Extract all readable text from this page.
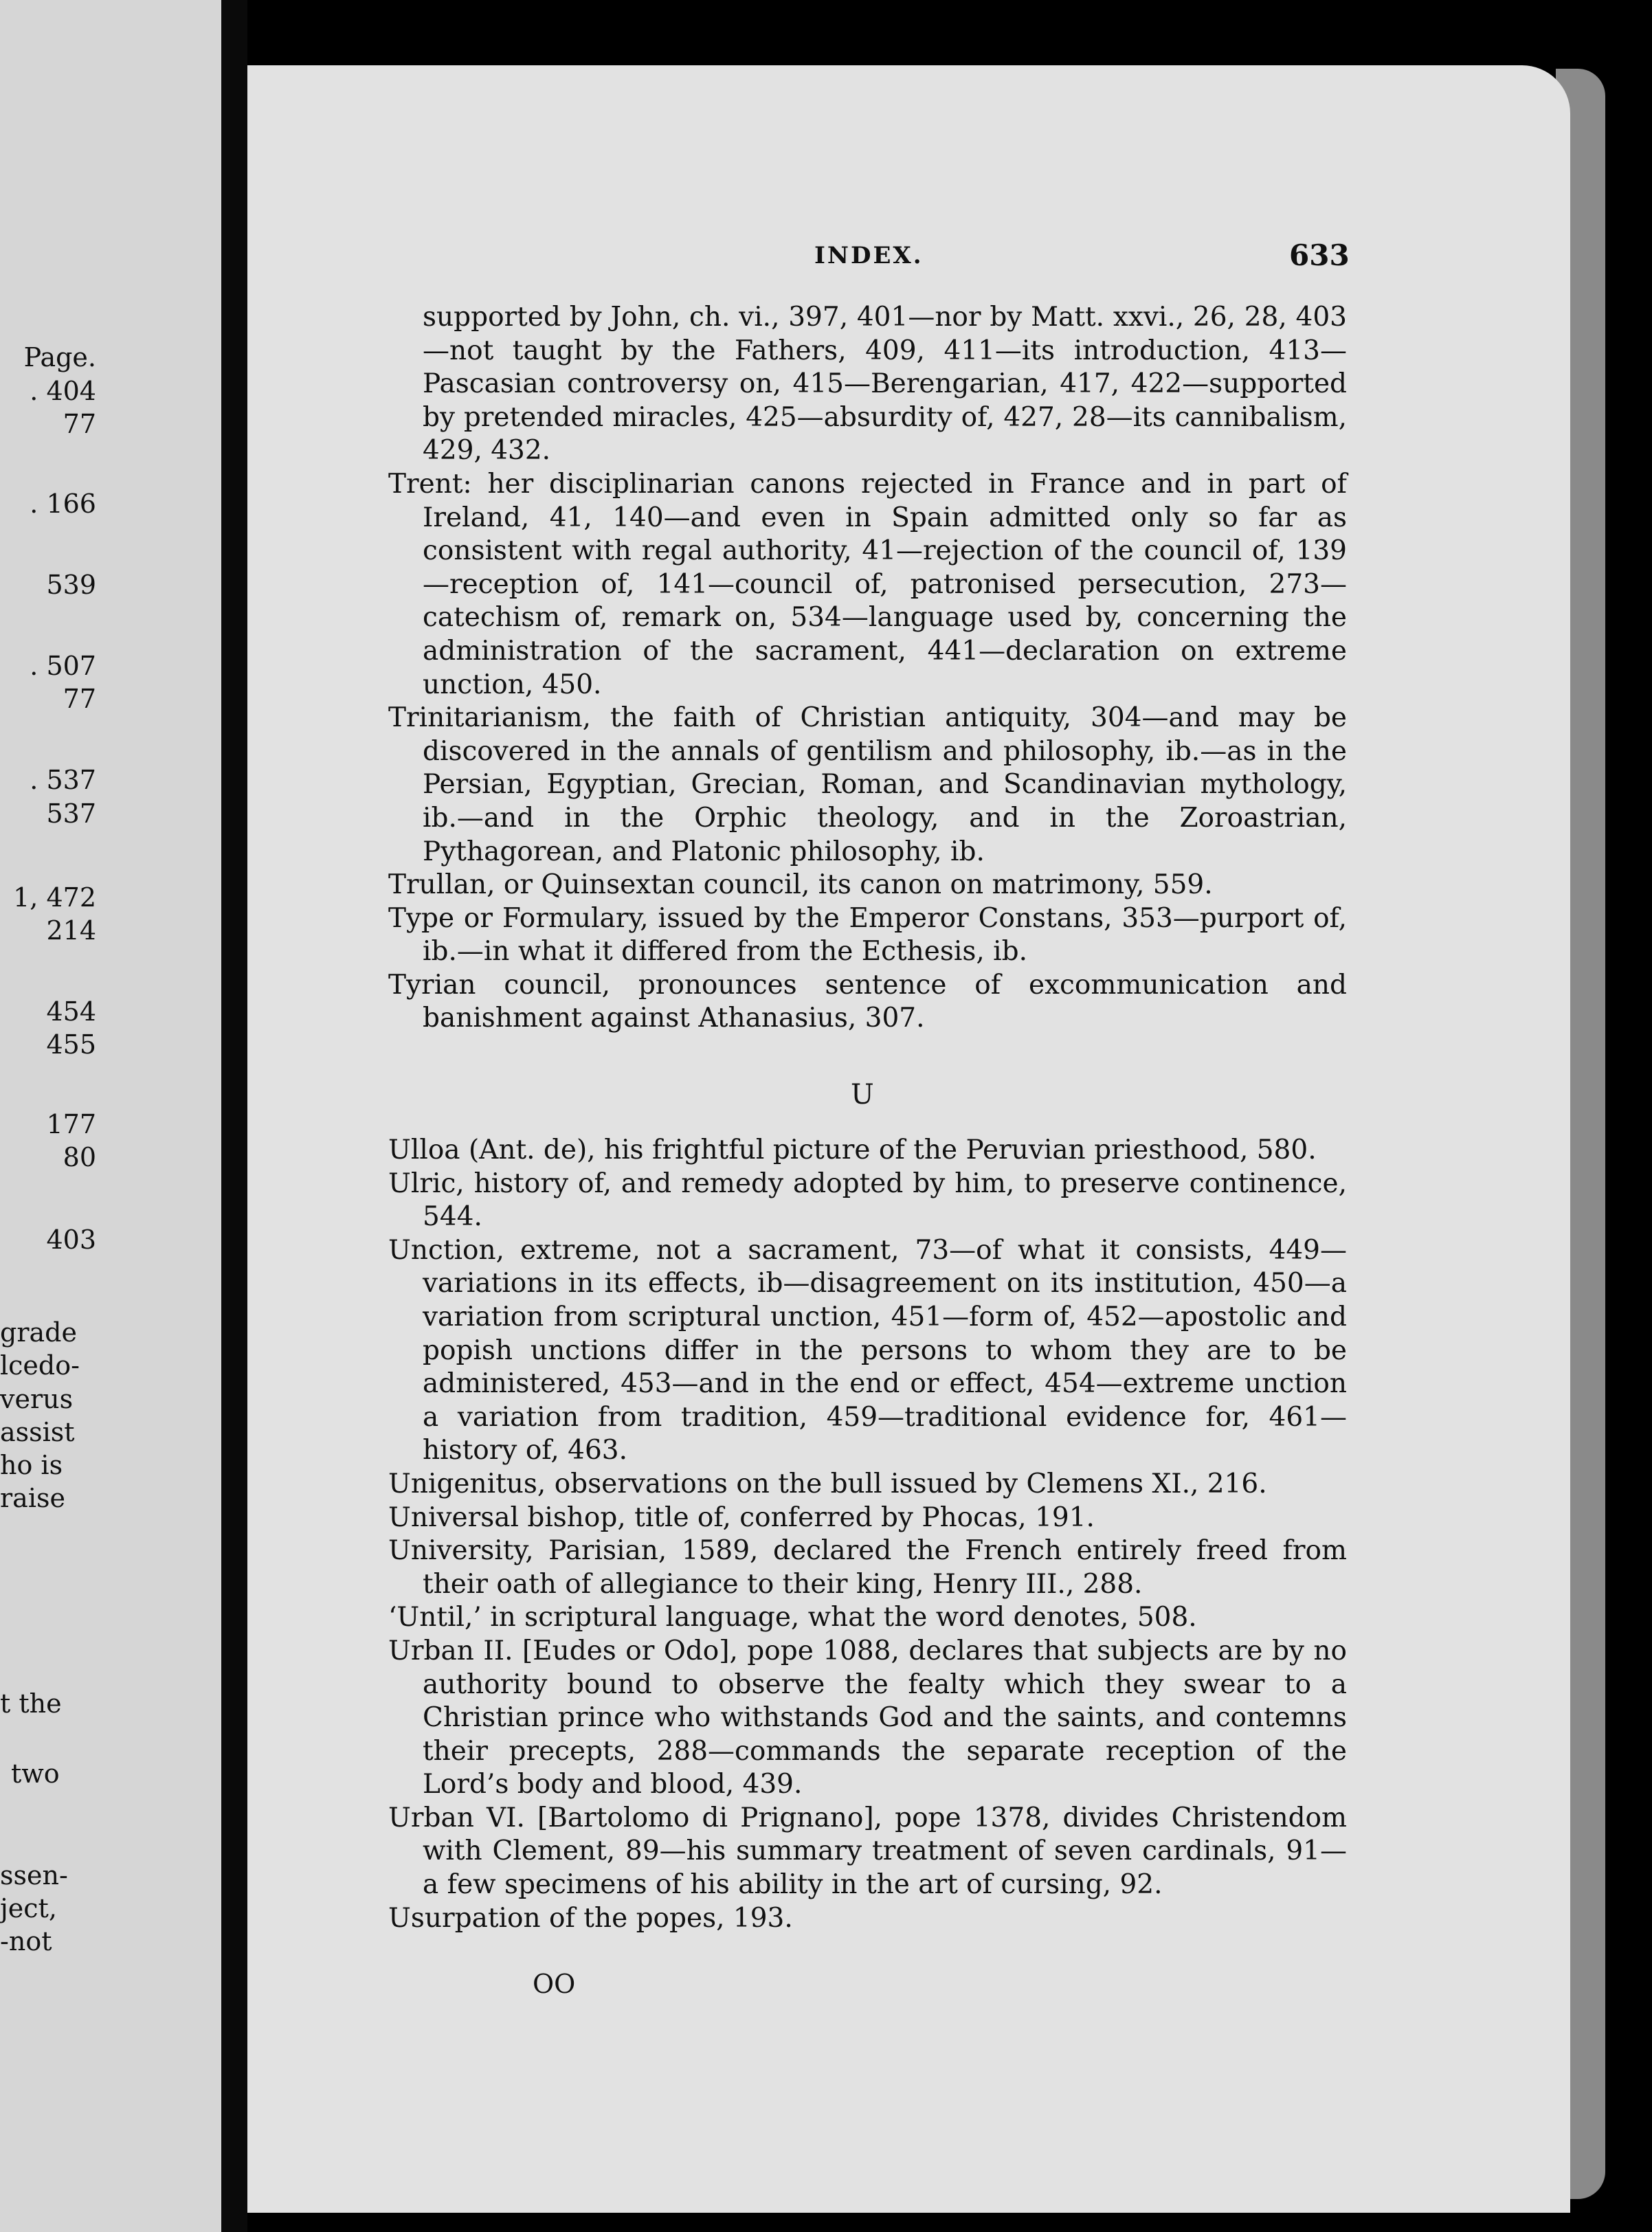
Page.
. 404
77
. 166
539
. 507
77
. 537
537
1, 472
214
454
455
177
80
403
grade
lcedo-
verus
assist
ho is
raise
t the
two
ssen-
ject,
-not
INDEX.	633

supported by John, ch. vi., 397, 401—nor by Matt. xxvi., 26, 28, 403—not taught by the Fathers, 409, 411—its introduction, 413—Pascasian controversy on, 415—Berengarian, 417, 422—supported by pretended miracles, 425—absurdity of, 427, 28—its cannibalism, 429, 432.

Trent: her disciplinarian canons rejected in France and in part of Ireland, 41, 140—and even in Spain admitted only so far as consistent with regal authority, 41—rejection of the council of, 139—reception of, 141—council of, patronised persecution, 273—catechism of, remark on, 534—language used by, concerning the administration of the sacrament, 441—declaration on extreme unction, 450.

Trinitarianism, the faith of Christian antiquity, 304—and may be discovered in the annals of gentilism and philosophy, ib.—as in the Persian, Egyptian, Grecian, Roman, and Scandinavian mythology, ib.—and in the Orphic theology, and in the Zoroastrian, Pythagorean, and Platonic philosophy, ib.

Trullan, or Quinsextan council, its canon on matrimony, 559.

Type or Formulary, issued by the Emperor Constans, 353—purport of, ib.—in what it differed from the Ecthesis, ib.

Tyrian council, pronounces sentence of excommunication and banishment against Athanasius, 307.

U

Ulloa (Ant. de), his frightful picture of the Peruvian priesthood, 580.

Ulric, history of, and remedy adopted by him, to preserve continence, 544.

Unction, extreme, not a sacrament, 73—of what it consists, 449—variations in its effects, ib—disagreement on its institution, 450—a variation from scriptural unction, 451—form of, 452—apostolic and popish unctions differ in the persons to whom they are to be administered, 453—and in the end or effect, 454—extreme unction a variation from tradition, 459—traditional evidence for, 461—history of, 463.

Unigenitus, observations on the bull issued by Clemens XI., 216.

Universal bishop, title of, conferred by Phocas, 191.

University, Parisian, 1589, declared the French entirely freed from their oath of allegiance to their king, Henry III., 288.

‘Until,’ in scriptural language, what the word denotes, 508.

Urban II. [Eudes or Odo], pope 1088, declares that subjects are by no authority bound to observe the fealty which they swear to a Christian prince who withstands God and the saints, and contemns their precepts, 288—commands the separate reception of the Lord’s body and blood, 439.

Urban VI. [Bartolomo di Prignano], pope 1378, divides Christendom with Clement, 89—his summary treatment of seven cardinals, 91—a few specimens of his ability in the art of cursing, 92.

Usurpation of the popes, 193.

OO
